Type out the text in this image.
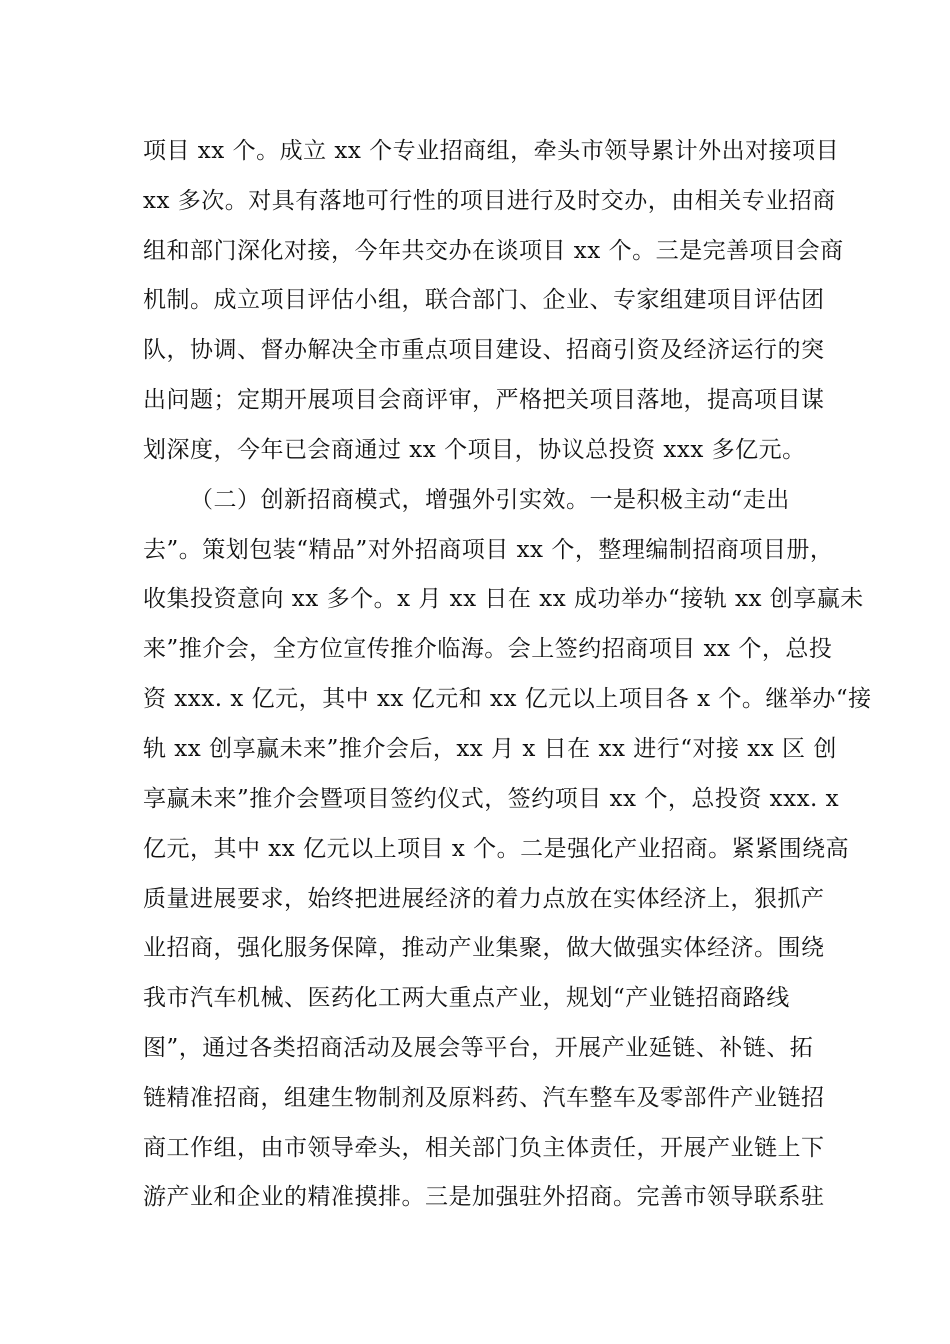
项目 xx 个。成立 xx 个专业招商组，牵头市领导累计外出对接项目
xx 多次。对具有落地可行性的项目进行及时交办，由相关专业招商
组和部门深化对接，今年共交办在谈项目 xx 个。三是完善项目会商
机制。成立项目评估小组，联合部门、企业、专家组建项目评估团
队，协调、督办解决全市重点项目建设、招商引资及经济运行的突
出问题；定期开展项目会商评审，严格把关项目落地，提高项目谋
划深度，今年已会商通过 xx 个项目，协议总投资 xxx 多亿元。
（二）创新招商模式，增强外引实效。一是积极主动“走出
去”。策划包装“精品”对外招商项目 xx 个，整理编制招商项目册，
收集投资意向 xx 多个。x 月 xx 日在 xx 成功举办“接轨 xx 创享赢未
来”推介会，全方位宣传推介临海。会上签约招商项目 xx 个，总投
资 xxx. x 亿元，其中 xx 亿元和 xx 亿元以上项目各 x 个。继举办“接
轨 xx 创享赢未来”推介会后，xx 月 x 日在 xx 进行“对接 xx 区 创
享赢未来”推介会暨项目签约仪式，签约项目 xx 个，总投资 xxx. x
亿元，其中 xx 亿元以上项目 x 个。二是强化产业招商。紧紧围绕高
质量进展要求，始终把进展经济的着力点放在实体经济上，狠抓产
业招商，强化服务保障，推动产业集聚，做大做强实体经济。围绕
我市汽车机械、医药化工两大重点产业，规划“产业链招商路线
图”，通过各类招商活动及展会等平台，开展产业延链、补链、拓
链精准招商，组建生物制剂及原料药、汽车整车及零部件产业链招
商工作组，由市领导牵头，相关部门负主体责任，开展产业链上下
游产业和企业的精准摸排。三是加强驻外招商。完善市领导联系驻
